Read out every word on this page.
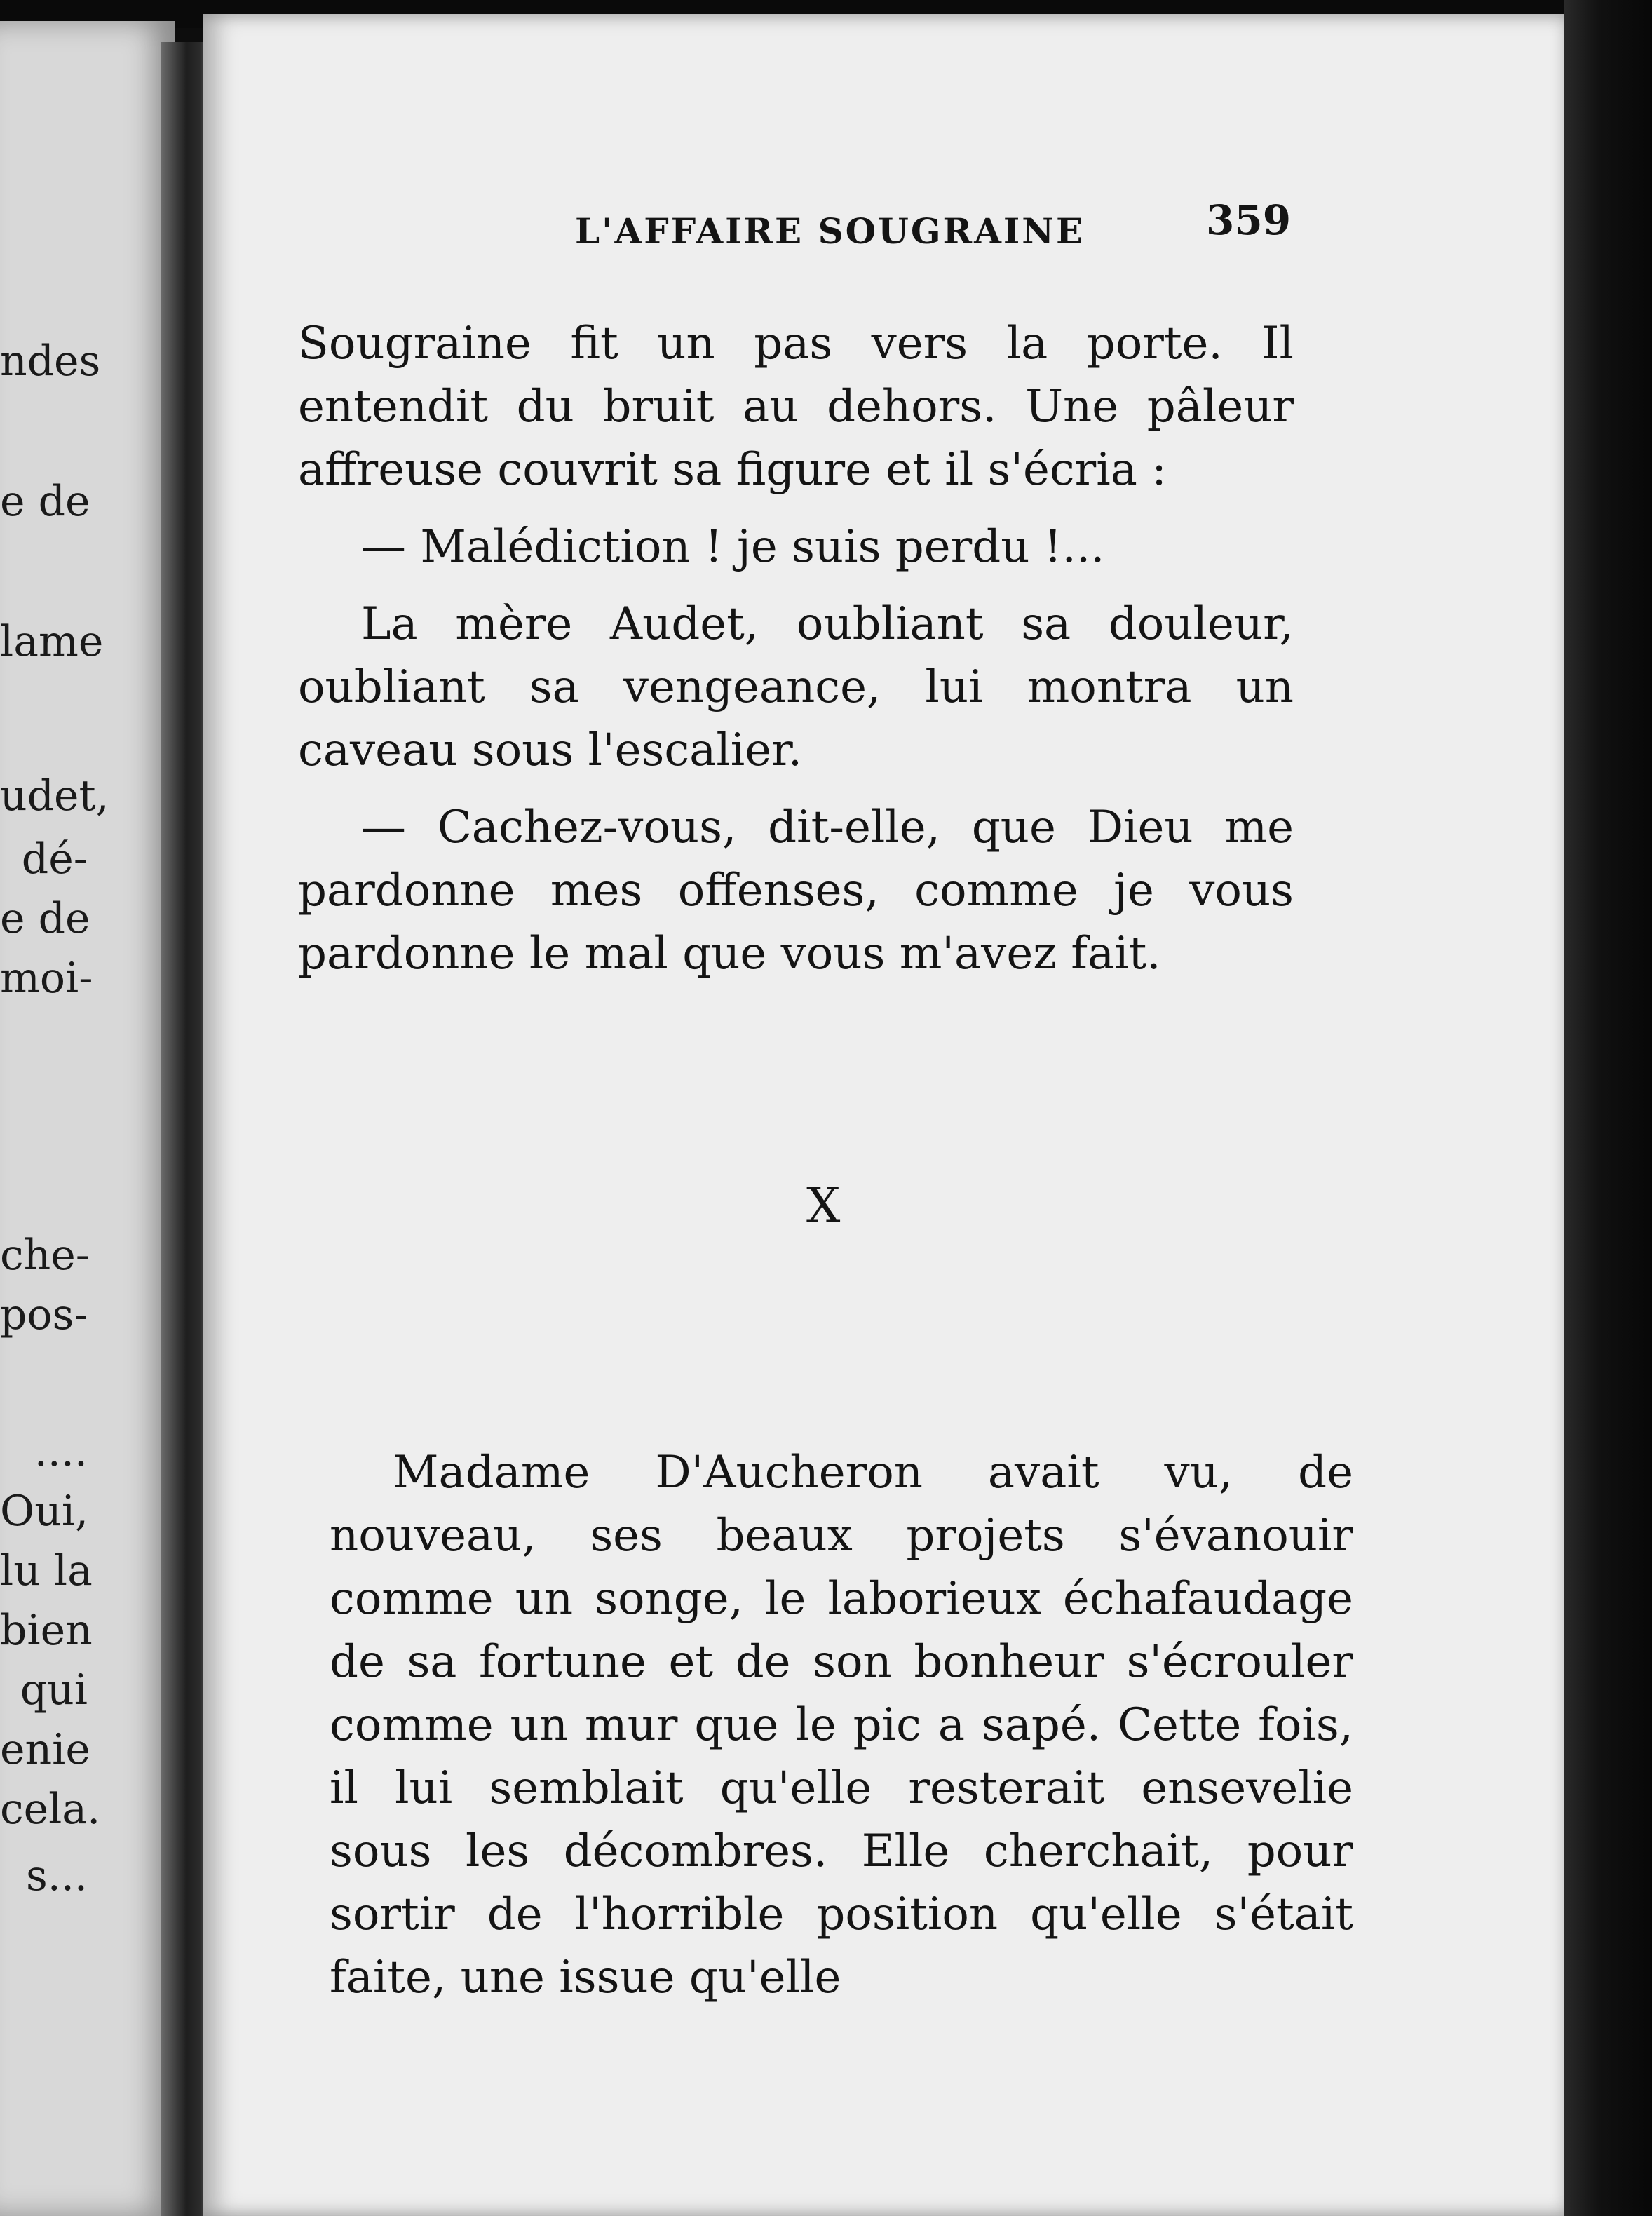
ndes
e de
lame
udet,
dé-
e de
moi-
che-
pos-
....
Oui,
lu la
bien
qui
enie
cela.
s...
L'AFFAIRE SOUGRAINE	359

Sougraine fit un pas vers la porte. Il entendit du bruit au dehors. Une pâleur affreuse couvrit sa figure et il s'écria :

— Malédiction ! je suis perdu !...

La mère Audet, oubliant sa douleur, oubliant sa vengeance, lui montra un caveau sous l'escalier.

— Cachez-vous, dit-elle, que Dieu me pardonne mes offenses, comme je vous pardonne le mal que vous m'avez fait.

X

Madame D'Aucheron avait vu, de nouveau, ses beaux projets s'évanouir comme un songe, le laborieux échafaudage de sa fortune et de son bonheur s'écrouler comme un mur que le pic a sapé. Cette fois, il lui semblait qu'elle resterait ensevelie sous les décombres. Elle cherchait, pour sortir de l'horrible position qu'elle s'était faite, une issue qu'elle
